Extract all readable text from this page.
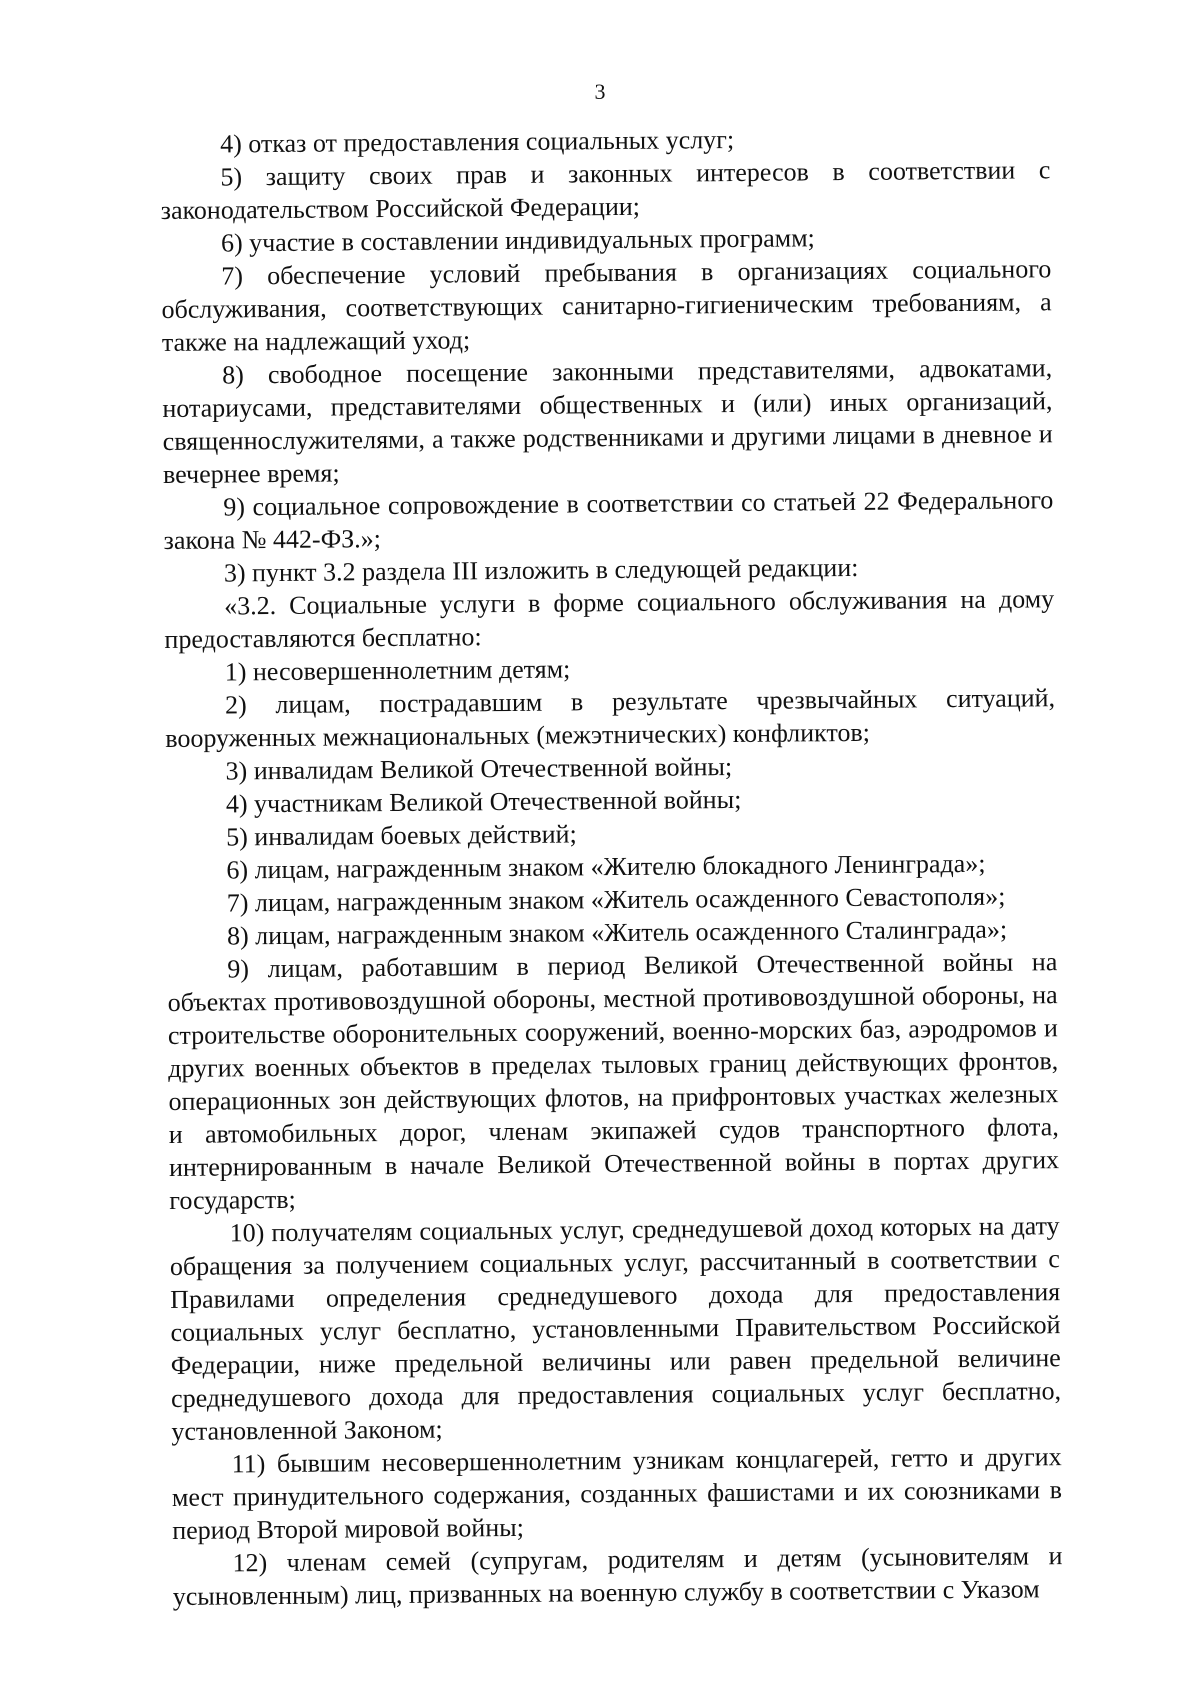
3

4) отказ от предоставления социальных услуг;

5) защиту своих прав и законных интересов в соответствии с законодательством Российской Федерации;

6) участие в составлении индивидуальных программ;

7) обеспечение условий пребывания в организациях социального обслуживания, соответствующих санитарно-гигиеническим требованиям, а также на надлежащий уход;

8) свободное посещение законными представителями, адвокатами, нотариусами, представителями общественных и (или) иных организаций, священнослужителями, а также родственниками и другими лицами в дневное и вечернее время;

9) социальное сопровождение в соответствии со статьей 22 Федерального закона № 442-ФЗ.»;

3) пункт 3.2 раздела III изложить в следующей редакции:

«3.2. Социальные услуги в форме социального обслуживания на дому предоставляются бесплатно:

1) несовершеннолетним детям;

2) лицам, пострадавшим в результате чрезвычайных ситуаций, вооруженных межнациональных (межэтнических) конфликтов;

3) инвалидам Великой Отечественной войны;

4) участникам Великой Отечественной войны;

5) инвалидам боевых действий;

6) лицам, награжденным знаком «Жителю блокадного Ленинграда»;

7) лицам, награжденным знаком «Житель осажденного Севастополя»;

8) лицам, награжденным знаком «Житель осажденного Сталинграда»;

9) лицам, работавшим в период Великой Отечественной войны на объектах противовоздушной обороны, местной противовоздушной обороны, на строительстве оборонительных сооружений, военно-морских баз, аэродромов и других военных объектов в пределах тыловых границ действующих фронтов, операционных зон действующих флотов, на прифронтовых участках железных и автомобильных дорог, членам экипажей судов транспортного флота, интернированным в начале Великой Отечественной войны в портах других государств;

10) получателям социальных услуг, среднедушевой доход которых на дату обращения за получением социальных услуг, рассчитанный в соответствии с Правилами определения среднедушевого дохода для предоставления социальных услуг бесплатно, установленными Правительством Российской Федерации, ниже предельной величины или равен предельной величине среднедушевого дохода для предоставления социальных услуг бесплатно, установленной Законом;

11) бывшим несовершеннолетним узникам концлагерей, гетто и других мест принудительного содержания, созданных фашистами и их союзниками в период Второй мировой войны;

12) членам семей (супругам, родителям и детям (усыновителям и усыновленным) лиц, призванных на военную службу в соответствии с Указом
